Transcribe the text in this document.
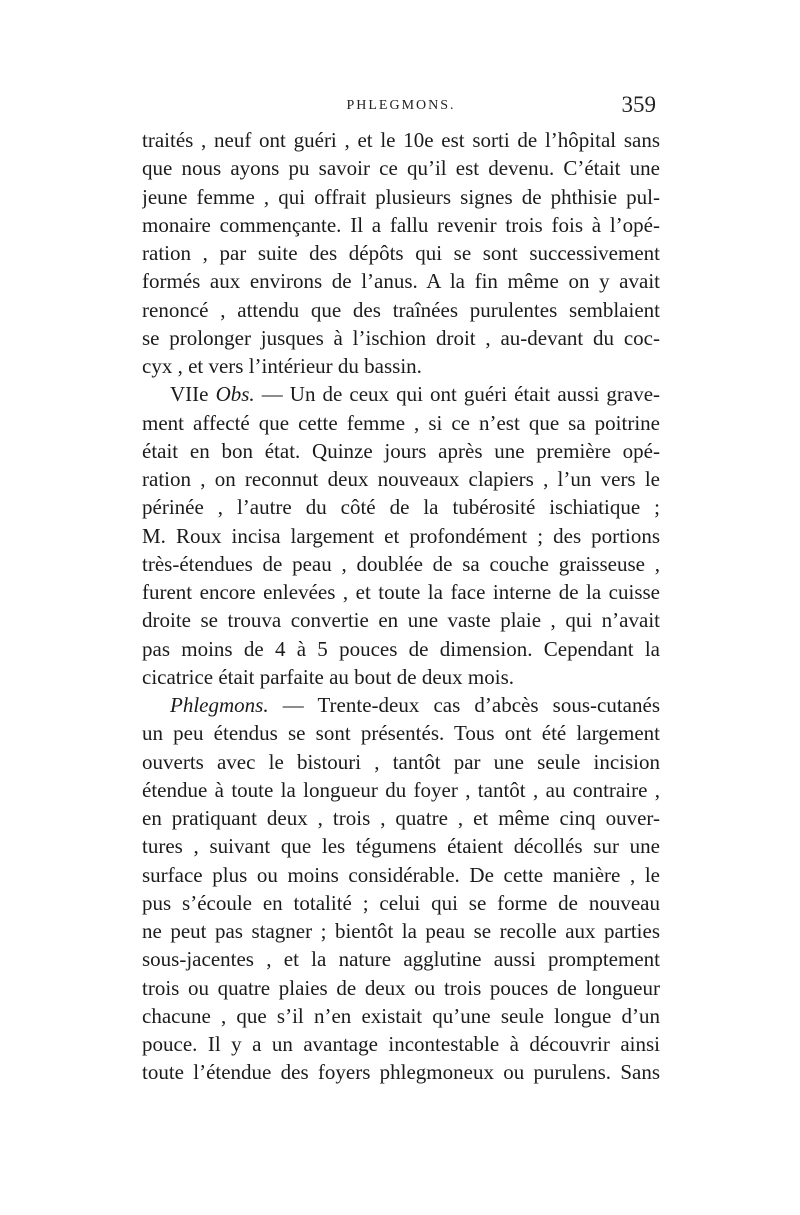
PHLEGMONS.	359
traités , neuf ont guéri , et le 10e est sorti de l’hôpital sans
que nous ayons pu savoir ce qu’il est devenu. C’était une
jeune femme , qui offrait plusieurs signes de phthisie pul-
monaire commençante. Il a fallu revenir trois fois à l’opé-
ration , par suite des dépôts qui se sont successivement
formés aux environs de l’anus. A la fin même on y avait
renoncé , attendu que des traînées purulentes semblaient
se prolonger jusques à l’ischion droit , au-devant du coc-
cyx , et vers l’intérieur du bassin.
VIIe Obs. — Un de ceux qui ont guéri était aussi grave-
ment affecté que cette femme , si ce n’est que sa poitrine
était en bon état. Quinze jours après une première opé-
ration , on reconnut deux nouveaux clapiers , l’un vers le
périnée , l’autre du côté de la tubérosité ischiatique ;
M. Roux incisa largement et profondément ; des portions
très-étendues de peau , doublée de sa couche graisseuse ,
furent encore enlevées , et toute la face interne de la cuisse
droite se trouva convertie en une vaste plaie , qui n’avait
pas moins de 4 à 5 pouces de dimension. Cependant la
cicatrice était parfaite au bout de deux mois.
Phlegmons. — Trente-deux cas d’abcès sous-cutanés
un peu étendus se sont présentés. Tous ont été largement
ouverts avec le bistouri , tantôt par une seule incision
étendue à toute la longueur du foyer , tantôt , au contraire ,
en pratiquant deux , trois , quatre , et même cinq ouver-
tures , suivant que les tégumens étaient décollés sur une
surface plus ou moins considérable. De cette manière , le
pus s’écoule en totalité ; celui qui se forme de nouveau
ne peut pas stagner ; bientôt la peau se recolle aux parties
sous-jacentes , et la nature agglutine aussi promptement
trois ou quatre plaies de deux ou trois pouces de longueur
chacune , que s’il n’en existait qu’une seule longue d’un
pouce. Il y a un avantage incontestable à découvrir ainsi
toute l’étendue des foyers phlegmoneux ou purulens. Sans
